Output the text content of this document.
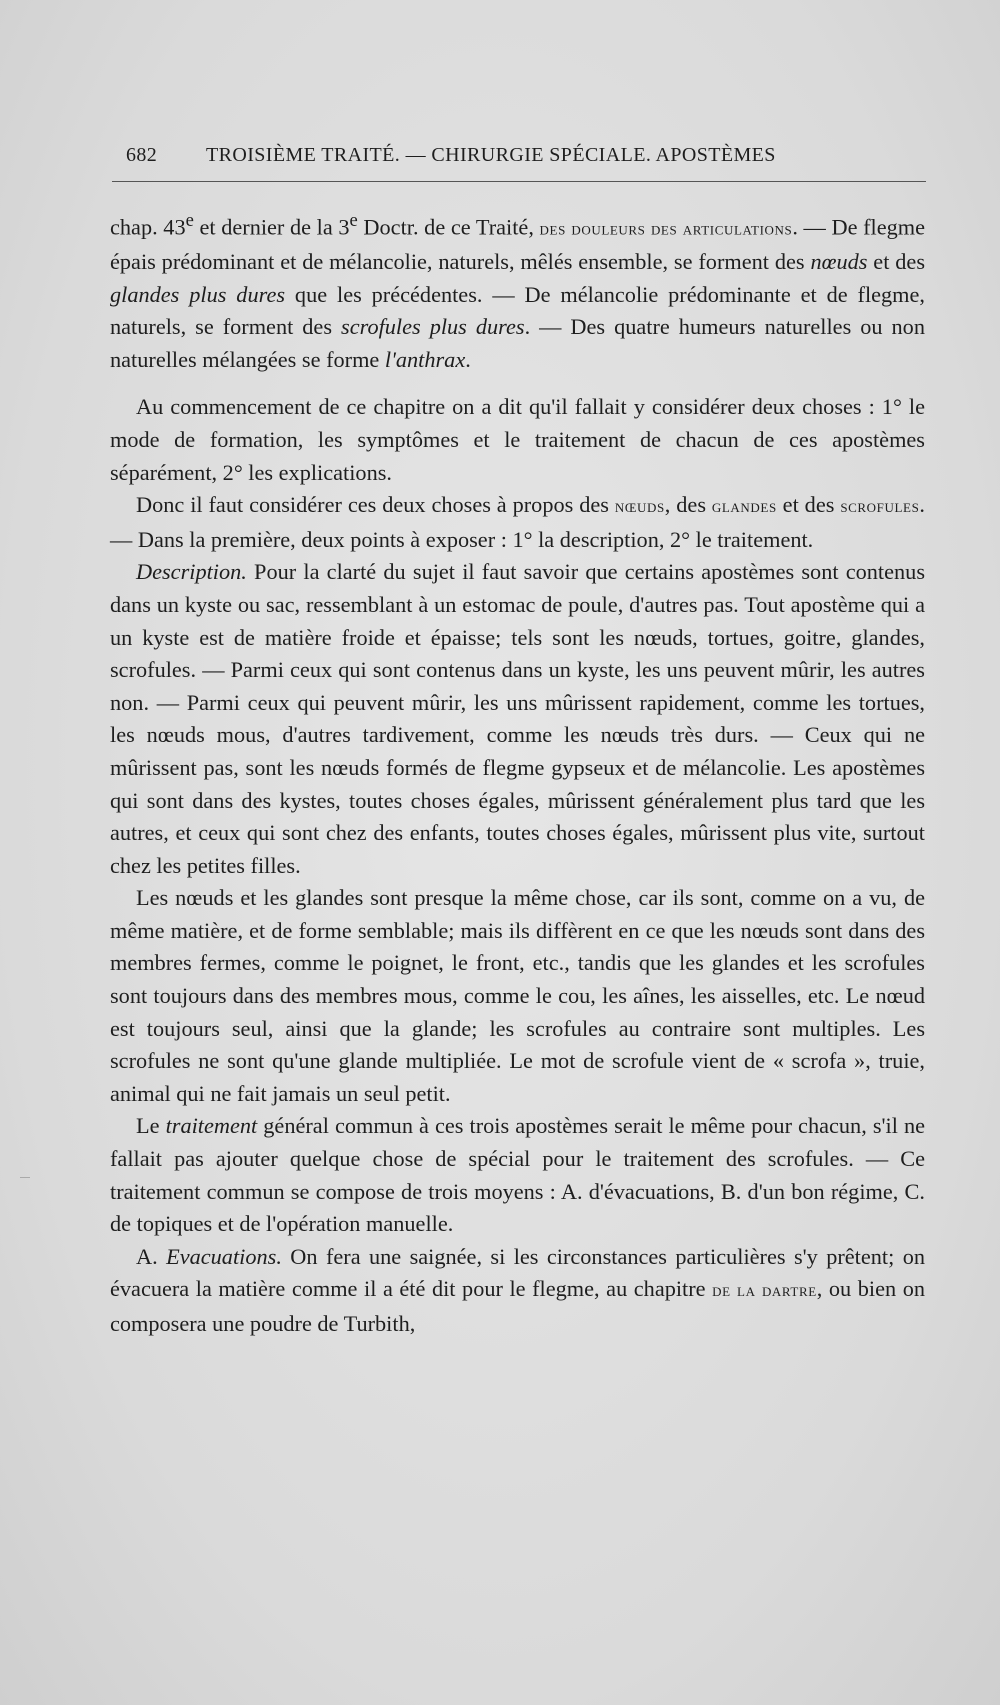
682 TROISIÈME TRAITÉ. — CHIRURGIE SPÉCIALE. APOSTÈMES

chap. 43e et dernier de la 3e Doctr. de ce Traité, des douleurs des articulations. — De flegme épais prédominant et de mélancolie, naturels, mêlés ensemble, se forment des nœuds et des glandes plus dures que les précédentes. — De mélancolie prédominante et de flegme, naturels, se forment des scrofules plus dures. — Des quatre humeurs naturelles ou non naturelles mélangées se forme l'anthrax.

Au commencement de ce chapitre on a dit qu'il fallait y considérer deux choses : 1° le mode de formation, les symptômes et le traitement de chacun de ces apostèmes séparément, 2° les explications.

Donc il faut considérer ces deux choses à propos des nœuds, des glandes et des scrofules. — Dans la première, deux points à exposer : 1° la description, 2° le traitement.

Description. Pour la clarté du sujet il faut savoir que certains apostèmes sont contenus dans un kyste ou sac, ressemblant à un estomac de poule, d'autres pas. Tout apostème qui a un kyste est de matière froide et épaisse; tels sont les nœuds, tortues, goitre, glandes, scrofules. — Parmi ceux qui sont contenus dans un kyste, les uns peuvent mûrir, les autres non. — Parmi ceux qui peuvent mûrir, les uns mûrissent rapidement, comme les tortues, les nœuds mous, d'autres tardivement, comme les nœuds très durs. — Ceux qui ne mûrissent pas, sont les nœuds formés de flegme gypseux et de mélancolie. Les apostèmes qui sont dans des kystes, toutes choses égales, mûrissent généralement plus tard que les autres, et ceux qui sont chez des enfants, toutes choses égales, mûrissent plus vite, surtout chez les petites filles.

Les nœuds et les glandes sont presque la même chose, car ils sont, comme on a vu, de même matière, et de forme semblable; mais ils diffèrent en ce que les nœuds sont dans des membres fermes, comme le poignet, le front, etc., tandis que les glandes et les scrofules sont toujours dans des membres mous, comme le cou, les aînes, les aisselles, etc. Le nœud est toujours seul, ainsi que la glande; les scrofules au contraire sont multiples. Les scrofules ne sont qu'une glande multipliée. Le mot de scrofule vient de « scrofa », truie, animal qui ne fait jamais un seul petit.

Le traitement général commun à ces trois apostèmes serait le même pour chacun, s'il ne fallait pas ajouter quelque chose de spécial pour le traitement des scrofules. — Ce traitement commun se compose de trois moyens : A. d'évacuations, B. d'un bon régime, C. de topiques et de l'opération manuelle.

A. Evacuations. On fera une saignée, si les circonstances particulières s'y prêtent; on évacuera la matière comme il a été dit pour le flegme, au chapitre de la dartre, ou bien on composera une poudre de Turbith,
